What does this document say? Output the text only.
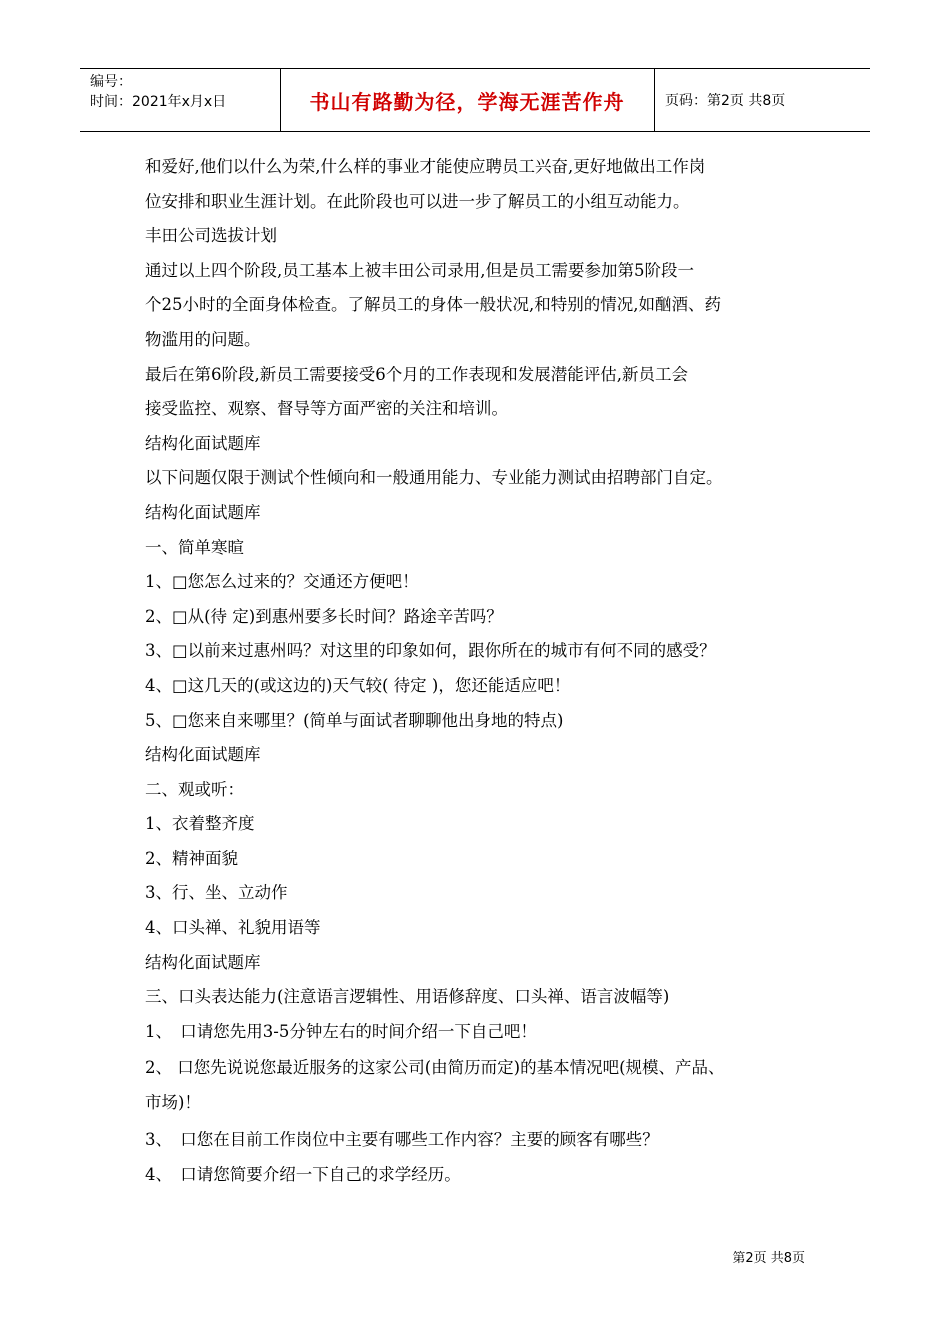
编号：
时间：2021年x月x日	书山有路勤为径，学海无涯苦作舟	页码：第2页 共8页
和爱好,他们以什么为荣,什么样的事业才能使应聘员工兴奋,更好地做出工作岗
位安排和职业生涯计划。在此阶段也可以进一步了解员工的小组互动能力。
丰田公司选拔计划
通过以上四个阶段,员工基本上被丰田公司录用,但是员工需要参加第5阶段一
个25小时的全面身体检查。了解员工的身体一般状况,和特别的情况,如酗酒、药
物滥用的问题。
最后在第6阶段,新员工需要接受6个月的工作表现和发展潜能评估,新员工会
接受监控、观察、督导等方面严密的关注和培训。
结构化面试题库
以下问题仅限于测试个性倾向和一般通用能力、专业能力测试由招聘部门自定。
结构化面试题库
一、简单寒暄
1、□您怎么过来的？交通还方便吧！
2、□从(待 定)到惠州要多长时间？路途辛苦吗？
3、□以前来过惠州吗？对这里的印象如何，跟你所在的城市有何不同的感受？
4、□这几天的(或这边的)天气较( 待定 )，您还能适应吧！
5、□您来自来哪里？(简单与面试者聊聊他出身地的特点)
结构化面试题库
二、观或听：
1、衣着整齐度
2、精神面貌
3、行、坐、立动作
4、口头禅、礼貌用语等
结构化面试题库
三、口头表达能力(注意语言逻辑性、用语修辞度、口头禅、语言波幅等)
1、　口请您先用3-5分钟左右的时间介绍一下自己吧！
2、 口您先说说您最近服务的这家公司(由简历而定)的基本情况吧(规模、产品、
市场)！
3、　口您在目前工作岗位中主要有哪些工作内容？主要的顾客有哪些？
4、　口请您简要介绍一下自己的求学经历。
第2页 共8页
